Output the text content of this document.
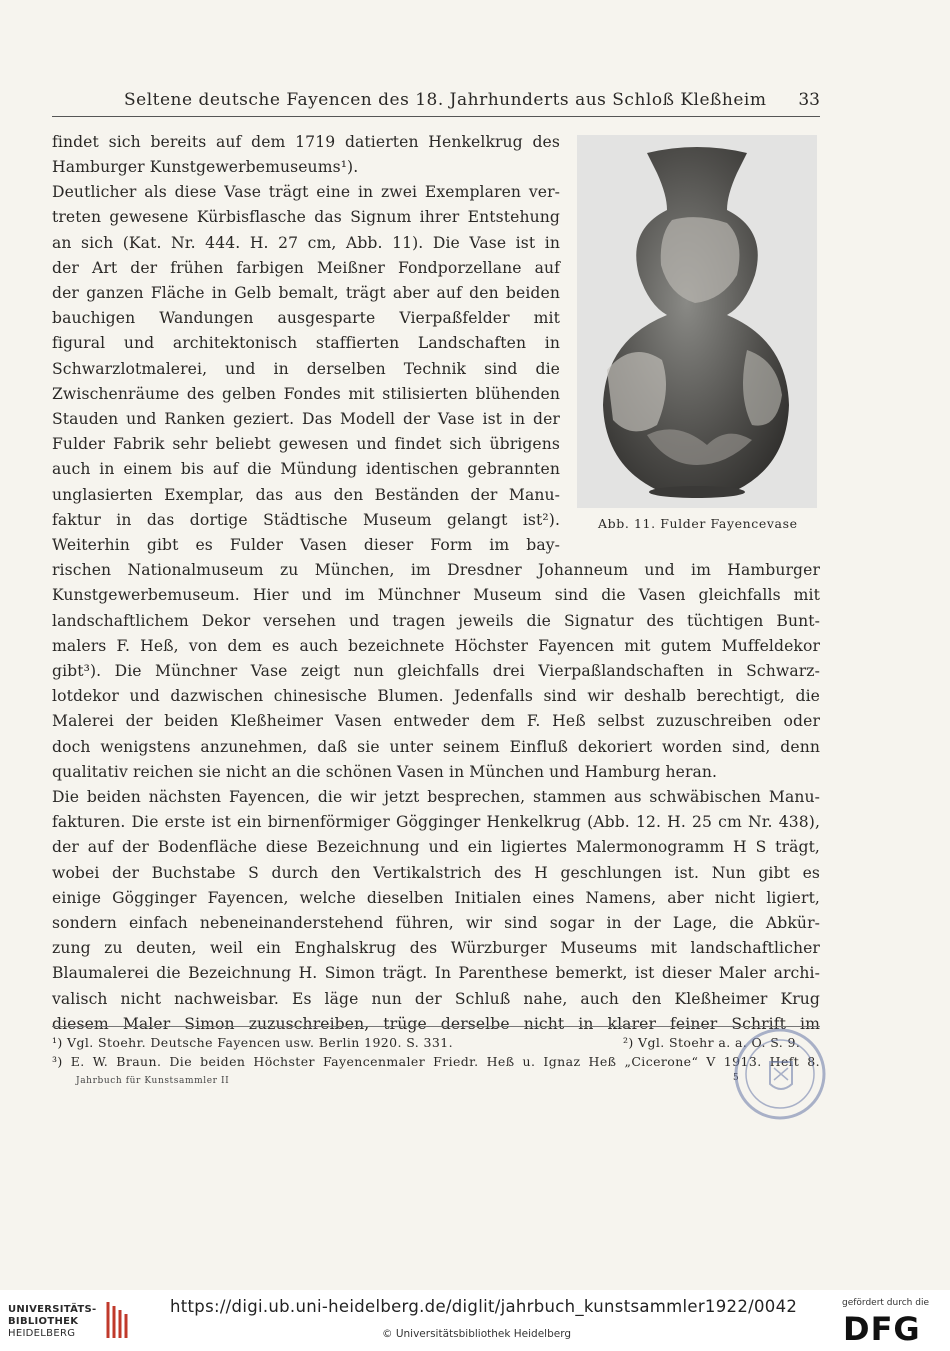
Seltene deutsche Fayencen des 18. Jahrhunderts aus Schloß Kleßheim 33
Abb. 11. Fulder Fayencevase
findet sich bereits auf dem 1719 datierten Henkelkrug des
Hamburger Kunstgewerbemuseums¹).
Deutlicher als diese Vase trägt eine in zwei Exemplaren ver-
treten gewesene Kürbisflasche das Signum ihrer Entstehung
an sich (Kat. Nr. 444. H. 27 cm, Abb. 11). Die Vase ist in
der Art der frühen farbigen Meißner Fondporzellane auf
der ganzen Fläche in Gelb bemalt, trägt aber auf den beiden
bauchigen Wandungen ausgesparte Vierpaßfelder mit
figural und architektonisch staffierten Landschaften in
Schwarzlotmalerei, und in derselben Technik sind die
Zwischenräume des gelben Fondes mit stilisierten blühenden
Stauden und Ranken geziert. Das Modell der Vase ist in der
Fulder Fabrik sehr beliebt gewesen und findet sich übrigens
auch in einem bis auf die Mündung identischen gebrannten
unglasierten Exemplar, das aus den Beständen der Manu-
faktur in das dortige Städtische Museum gelangt ist²).
Weiterhin gibt es Fulder Vasen dieser Form im bay-
rischen Nationalmuseum zu München, im Dresdner Johanneum und im Hamburger
Kunstgewerbemuseum. Hier und im Münchner Museum sind die Vasen gleichfalls mit
landschaftlichem Dekor versehen und tragen jeweils die Signatur des tüchtigen Bunt-
malers F. Heß, von dem es auch bezeichnete Höchster Fayencen mit gutem Muffeldekor
gibt³). Die Münchner Vase zeigt nun gleichfalls drei Vierpaßlandschaften in Schwarz-
lotdekor und dazwischen chinesische Blumen. Jedenfalls sind wir deshalb berechtigt, die
Malerei der beiden Kleßheimer Vasen entweder dem F. Heß selbst zuzuschreiben oder
doch wenigstens anzunehmen, daß sie unter seinem Einfluß dekoriert worden sind, denn
qualitativ reichen sie nicht an die schönen Vasen in München und Hamburg heran.
Die beiden nächsten Fayencen, die wir jetzt besprechen, stammen aus schwäbischen Manu-
fakturen. Die erste ist ein birnenförmiger Gögginger Henkelkrug (Abb. 12. H. 25 cm Nr. 438),
der auf der Bodenfläche diese Bezeichnung und ein ligiertes Malermonogramm H S trägt,
wobei der Buchstabe S durch den Vertikalstrich des H geschlungen ist. Nun gibt es
einige Gögginger Fayencen, welche dieselben Initialen eines Namens, aber nicht ligiert,
sondern einfach nebeneinanderstehend führen, wir sind sogar in der Lage, die Abkür-
zung zu deuten, weil ein Enghalskrug des Würzburger Museums mit landschaftlicher
Blaumalerei die Bezeichnung H. Simon trägt. In Parenthese bemerkt, ist dieser Maler archi-
valisch nicht nachweisbar. Es läge nun der Schluß nahe, auch den Kleßheimer Krug
diesem Maler Simon zuzuschreiben, trüge derselbe nicht in klarer feiner Schrift im
¹) Vgl. Stoehr. Deutsche Fayencen usw. Berlin 1920. S. 331.	²) Vgl. Stoehr a. a. O. S. 9.
³) E. W. Braun. Die beiden Höchster Fayencenmaler Friedr. Heß u. Ignaz Heß „Cicerone“ V 1913. Heft 8.
Jahrbuch für Kunstsammler II	5
UNIVERSITÄTS-
BIBLIOTHEK
HEIDELBERG
https://digi.ub.uni-heidelberg.de/diglit/jahrbuch_kunstsammler1922/0042
© Universitätsbibliothek Heidelberg
gefördert durch die
DFG
